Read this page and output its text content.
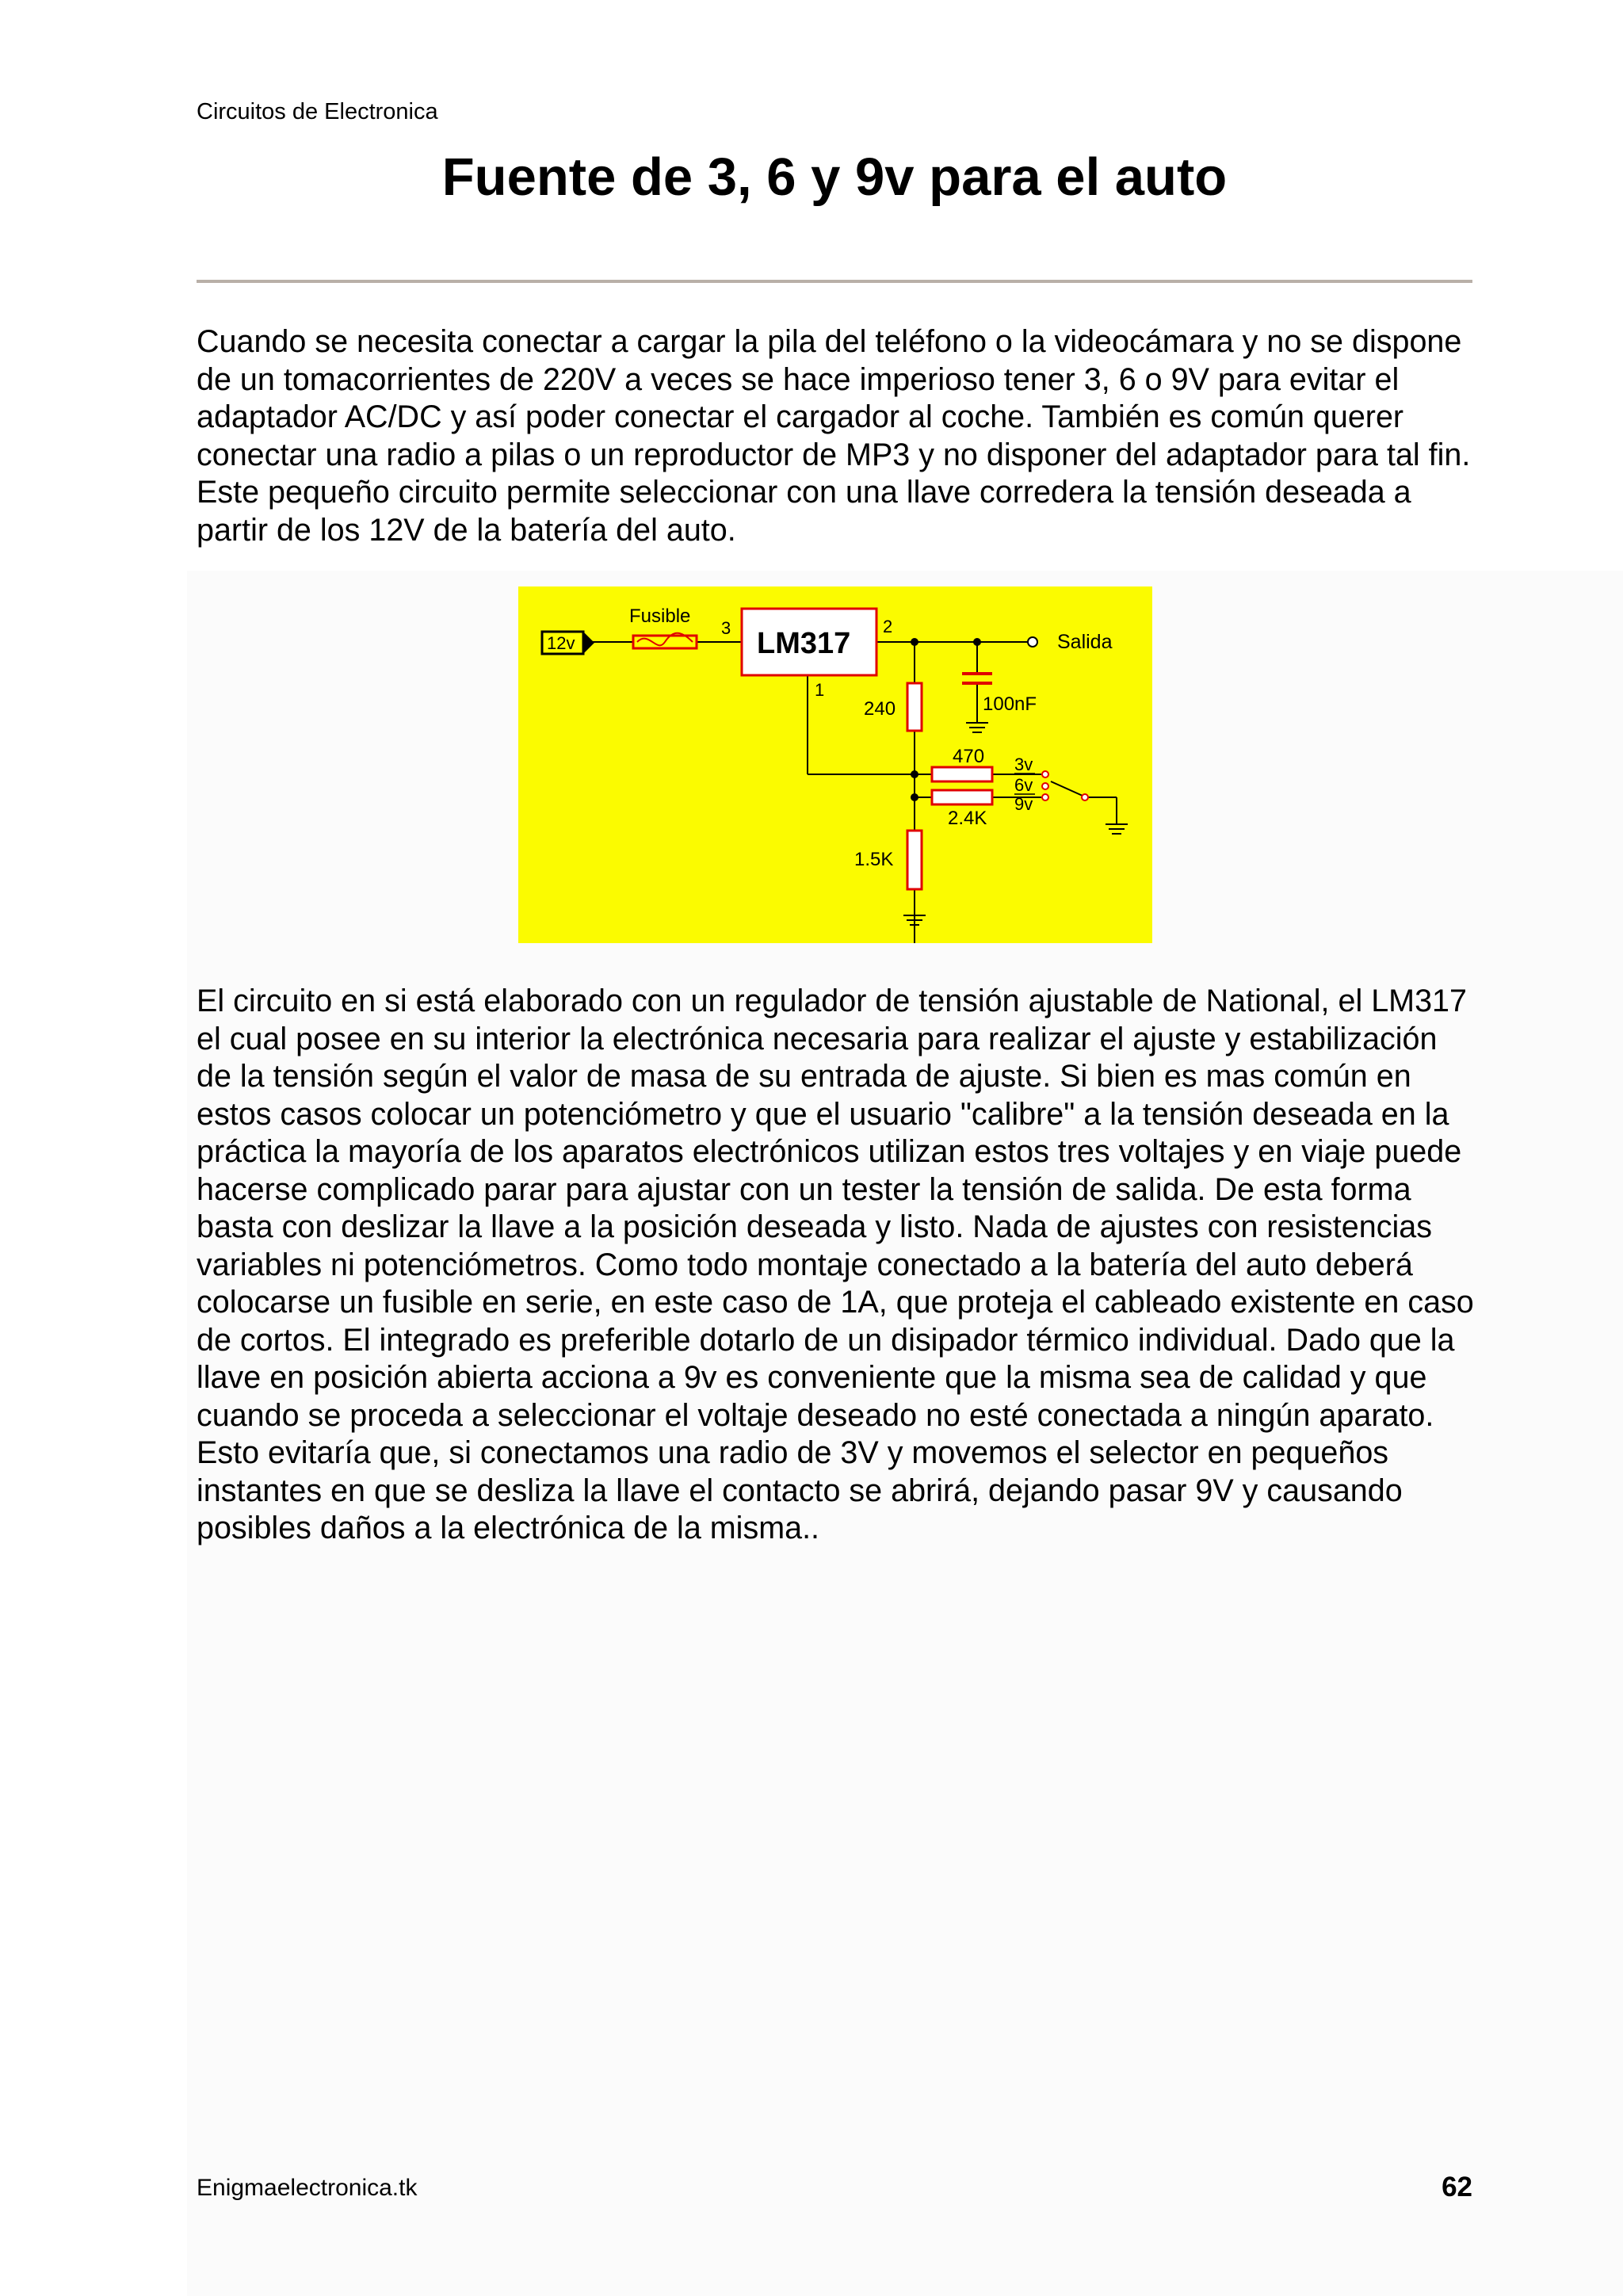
Circuitos de Electronica

Fuente de 3, 6 y 9v para el auto

Cuando se necesita conectar a cargar la pila del teléfono o la videocámara y no se dispone de un tomacorrientes de 220V a veces se hace imperioso tener 3, 6 o 9V para evitar el adaptador AC/DC y así poder conectar el cargador al coche. También es común querer conectar una radio a pilas o un reproductor de MP3 y no disponer del adaptador para tal fin. Este pequeño circuito permite seleccionar con una llave corredera la tensión deseada a partir de los 12V de la batería del auto.

12v
Fusible
LM317
3	2
1
Salida
240	100nF
470
2.4K
1.5K
3v
6v
9v

El circuito en si está elaborado con un regulador de tensión ajustable de National, el LM317 el cual posee en su interior la electrónica necesaria para realizar el ajuste y estabilización de la tensión según el valor de masa de su entrada de ajuste. Si bien es mas común en estos casos colocar un potenciómetro y que el usuario "calibre" a la tensión deseada en la práctica la mayoría de los aparatos electrónicos utilizan estos tres voltajes y en viaje puede hacerse complicado parar para ajustar con un tester la tensión de salida. De esta forma basta con deslizar la llave a la posición deseada y listo. Nada de ajustes con resistencias variables ni potenciómetros. Como todo montaje conectado a la batería del auto deberá colocarse un fusible en serie, en este caso de 1A, que proteja el cableado existente en caso de cortos. El integrado es preferible dotarlo de un disipador térmico individual. Dado que la llave en posición abierta acciona a 9v es conveniente que la misma sea de calidad y que cuando se proceda a seleccionar el voltaje deseado no esté conectada a ningún aparato. Esto evitaría que, si conectamos una radio de 3V y movemos el selector en pequeños instantes en que se desliza la llave el contacto se abrirá, dejando pasar 9V y causando posibles daños a la electrónica de la misma..

Enigmaelectronica.tk	62
